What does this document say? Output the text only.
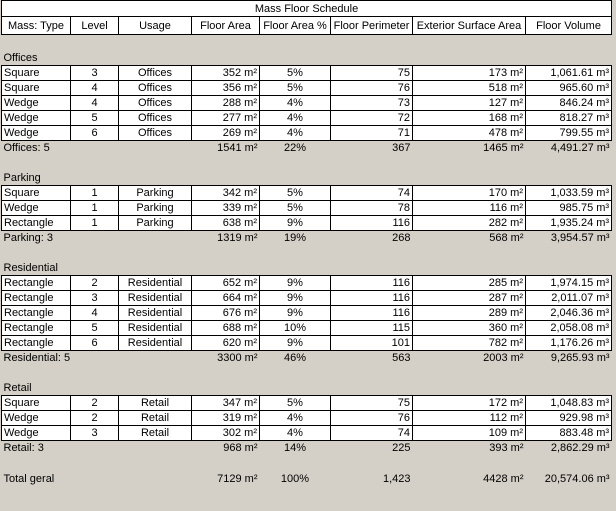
Mass Floor Schedule							
Mass: Type	Level	Usage	Floor Area	Floor Area %	Floor Perimeter	Exterior Surface Area	Floor Volume

Offices							
Square	3	Offices	352 m²	5%	75	173 m²	1,061.61 m³
Square	4	Offices	356 m²	5%	76	518 m²	965.60 m³
Wedge	4	Offices	288 m²	4%	73	127 m²	846.24 m³
Wedge	5	Offices	277 m²	4%	72	168 m²	818.27 m³
Wedge	6	Offices	269 m²	4%	71	478 m²	799.55 m³
Offices: 5			1541 m²	22%	367	1465 m²	4,491.27 m³

Parking							
Square	1	Parking	342 m²	5%	74	170 m²	1,033.59 m³
Wedge	1	Parking	339 m²	5%	78	116 m²	985.75 m³
Rectangle	1	Parking	638 m²	9%	116	282 m²	1,935.24 m³
Parking: 3			1319 m²	19%	268	568 m²	3,954.57 m³

Residential							
Rectangle	2	Residential	652 m²	9%	116	285 m²	1,974.15 m³
Rectangle	3	Residential	664 m²	9%	116	287 m²	2,011.07 m³
Rectangle	4	Residential	676 m²	9%	116	289 m²	2,046.36 m³
Rectangle	5	Residential	688 m²	10%	115	360 m²	2,058.08 m³
Rectangle	6	Residential	620 m²	9%	101	782 m²	1,176.26 m³
Residential: 5			3300 m²	46%	563	2003 m²	9,265.93 m³

Retail							
Square	2	Retail	347 m²	5%	75	172 m²	1,048.83 m³
Wedge	2	Retail	319 m²	4%	76	112 m²	929.98 m³
Wedge	3	Retail	302 m²	4%	74	109 m²	883.48 m³
Retail: 3			968 m²	14%	225	393 m²	2,862.29 m³

Total geral			7129 m²	100%	1,423	4428 m²	20,574.06 m³
